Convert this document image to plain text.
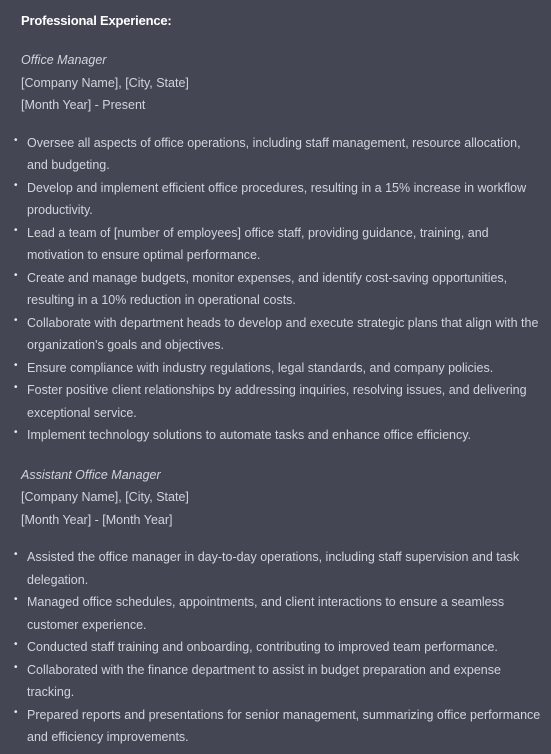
Professional Experience:

Office Manager

[Company Name], [City, State]

[Month Year] - Present

• Oversee all aspects of office operations, including staff management, resource allocation, and budgeting.
• Develop and implement efficient office procedures, resulting in a 15% increase in workflow productivity.
• Lead a team of [number of employees] office staff, providing guidance, training, and motivation to ensure optimal performance.
• Create and manage budgets, monitor expenses, and identify cost-saving opportunities, resulting in a 10% reduction in operational costs.
• Collaborate with department heads to develop and execute strategic plans that align with the organization's goals and objectives.
• Ensure compliance with industry regulations, legal standards, and company policies.
• Foster positive client relationships by addressing inquiries, resolving issues, and delivering exceptional service.
• Implement technology solutions to automate tasks and enhance office efficiency.

Assistant Office Manager

[Company Name], [City, State]

[Month Year] - [Month Year]

• Assisted the office manager in day-to-day operations, including staff supervision and task delegation.
• Managed office schedules, appointments, and client interactions to ensure a seamless customer experience.
• Conducted staff training and onboarding, contributing to improved team performance.
• Collaborated with the finance department to assist in budget preparation and expense tracking.
• Prepared reports and presentations for senior management, summarizing office performance and efficiency improvements.
